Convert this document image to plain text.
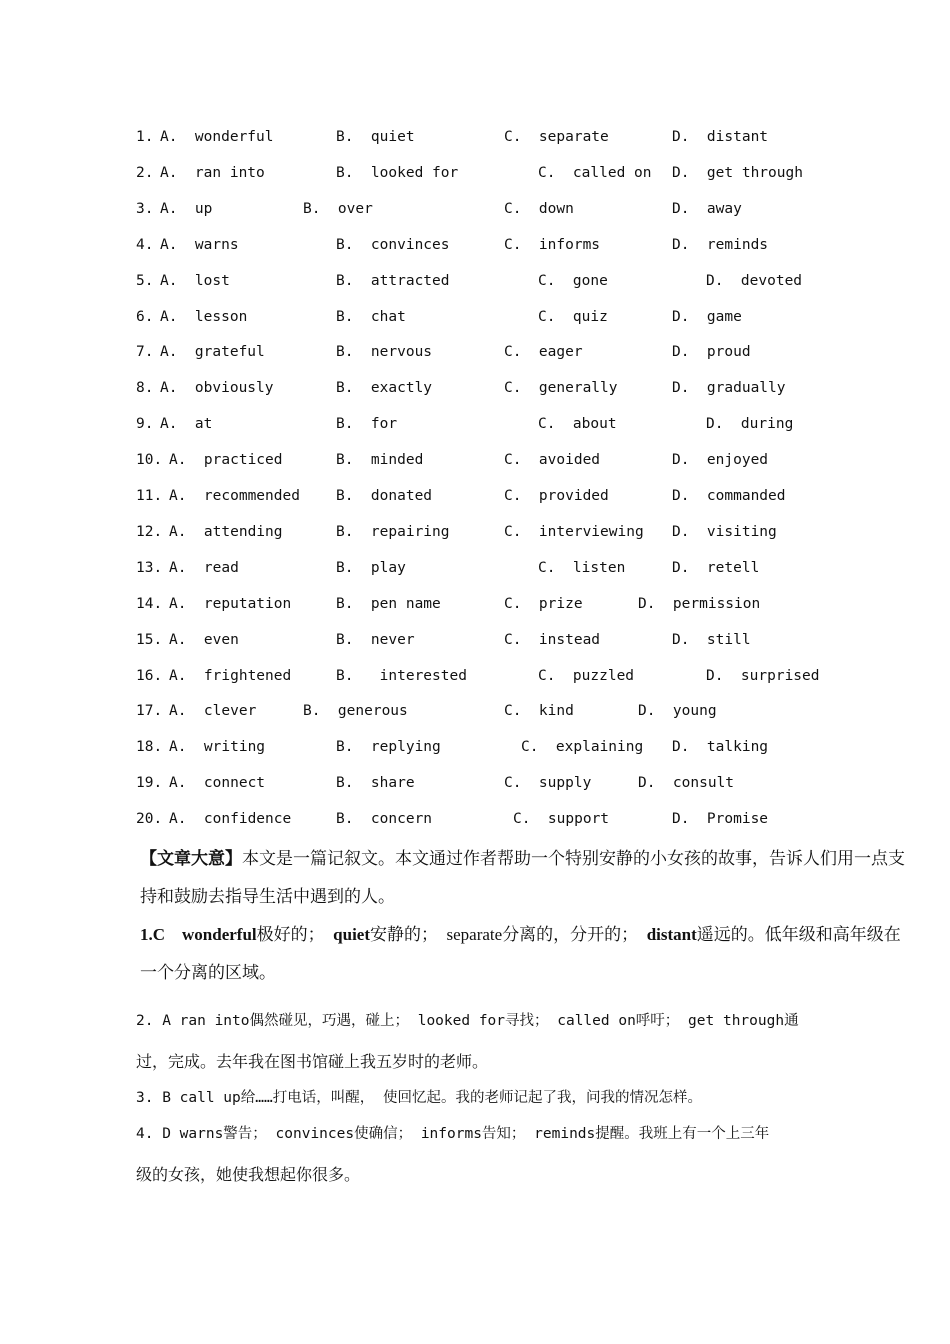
1. A.  wonderful	B.  quiet	C.  separate	D.  distant
2. A.  ran into	B.  looked for	C.  called on D.  get through
3. A.  up	B.  over	C.  down	D.  away
4. A.  warns	B.  convinces	C.  informs	D.  reminds
5. A.  lost	B.  attracted	C.  gone	D.  devoted
6. A.  lesson	B.  chat	C.  quiz	D.  game
7. A.  grateful	B.  nervous	C.  eager	D.  proud
8. A.  obviously	B.  exactly	C.  generally	D.  gradually
9. A.  at	B.  for	C.  about	D.  during
10. A.  practiced	B.  minded	C.  avoided	D.  enjoyed
11. A.  recommended B.  donated	C.  provided	D.  commanded
12. A.  attending	B.  repairing	C.  interviewing D.  visiting
13. A.  read	B.  play	C.  listen	D.  retell
14. A.  reputation	B.  pen name	C.  prize	D.  permission
15. A.  even	B.  never	C.  instead	D.  still
16. A.  frightened	B.   interested	C.  puzzled	D.  surprised
17. A.  clever	B.  generous	C.  kind	D.  young
18. A.  writing	B.  replying	C.  explaining D.  talking
19. A.  connect	B.  share	C.  supply	D.  consult
20. A.  confidence	B.  concern	C.  support	D.  Promise
【文章大意】本文是一篇记叙文。本文通过作者帮助一个特别安静的小女孩的故事，告诉人们用一点支持和鼓励去指导生活中遇到的人。
1.C wonderful极好的； quiet安静的； separate分离的，分开的； distant遥远的。低年级和高年级在一个分离的区域。
2. A ran into偶然碰见，巧遇，碰上； looked for寻找； called on呼吁； get through通
过，完成。去年我在图书馆碰上我五岁时的老师。
3. B call up给……打电话，叫醒， 使回忆起。我的老师记起了我，问我的情况怎样。
4. D warns警告； convinces使确信； informs告知； reminds提醒。我班上有一个上三年
级的女孩，她使我想起你很多。
